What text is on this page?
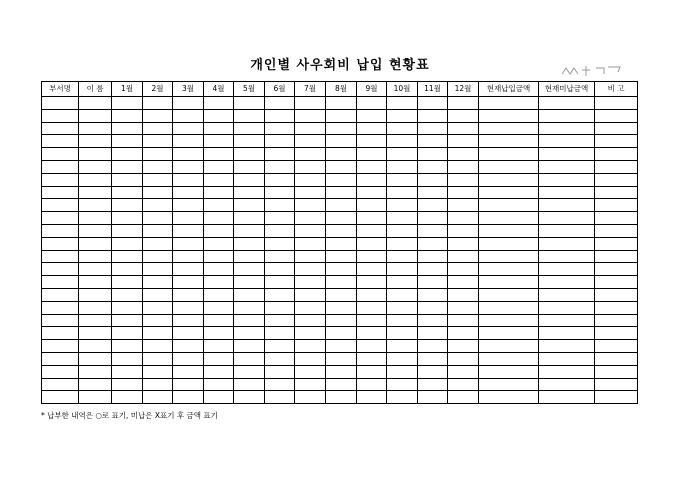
개인별 사우회비 납입 현황표
부서명	이 름	1월	2월	3월	4월	5월	6월	7월	8월	9월	10월	11월	12월	현재납입금액	현재미납금액	비 고

* 납부한 내역은 ○로 표기, 미납은 X표기 후 금액 표기
